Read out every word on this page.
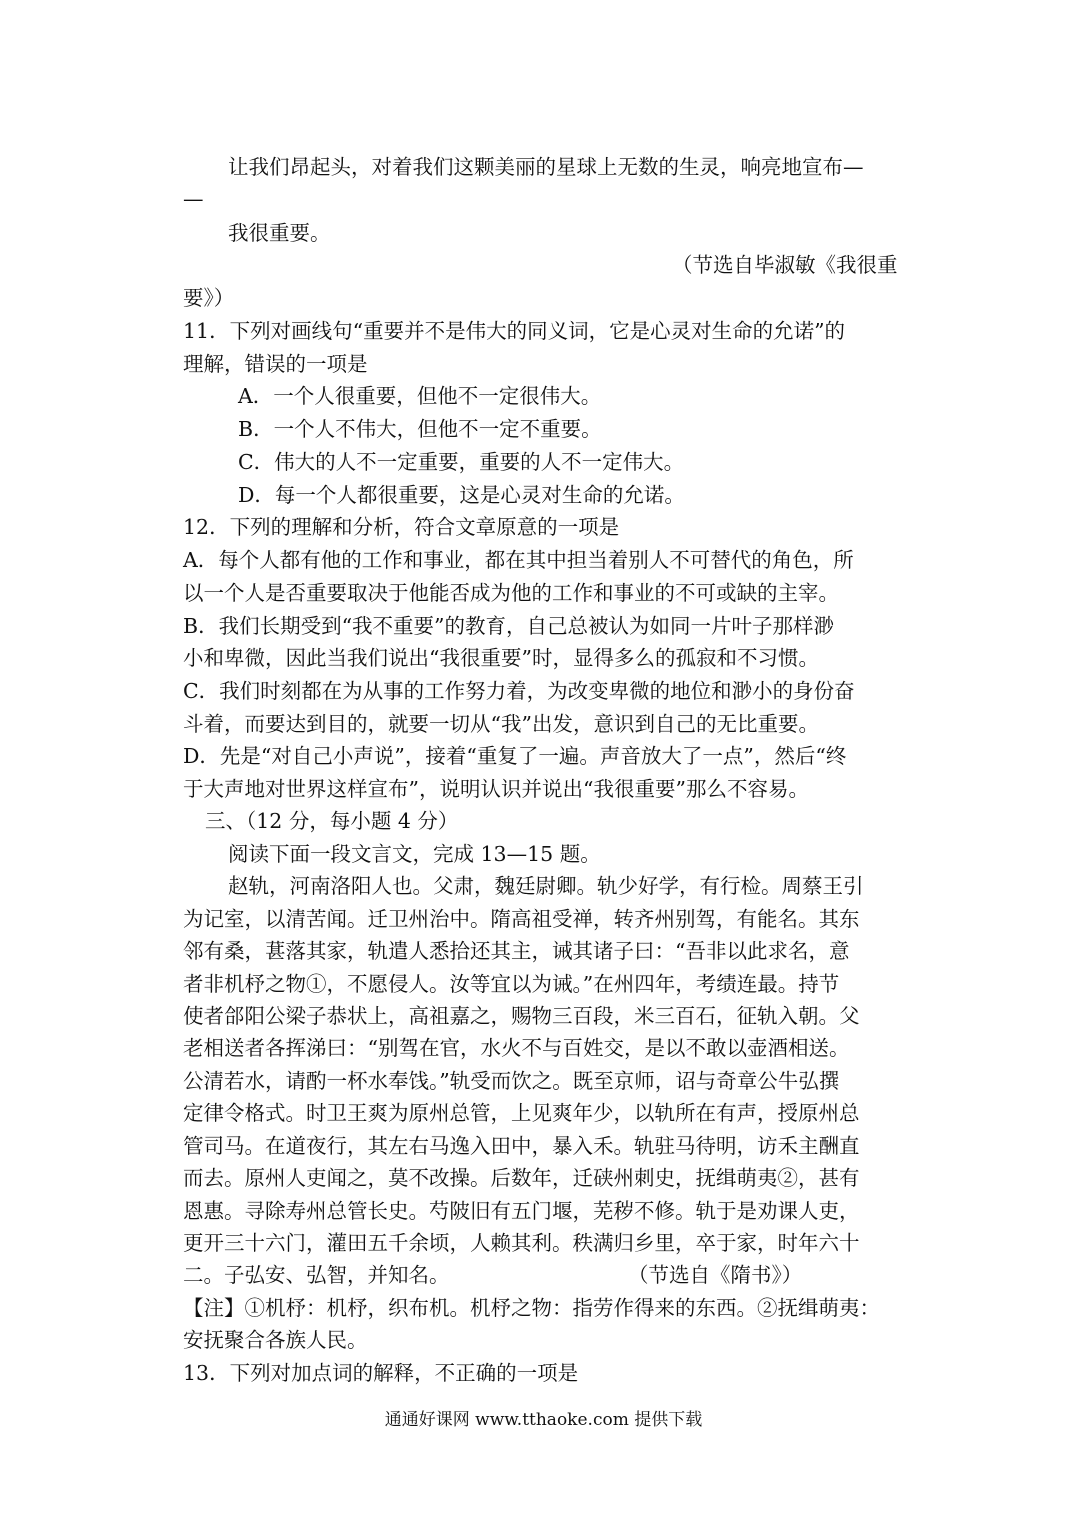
让我们昂起头，对着我们这颗美丽的星球上无数的生灵，响亮地宣布—
—
我很重要。
（节选自毕淑敏《我很重
要》）
11．下列对画线句“重要并不是伟大的同义词，它是心灵对生命的允诺”的
理解，错误的一项是
A．一个人很重要，但他不一定很伟大。
B．一个人不伟大，但他不一定不重要。
C．伟大的人不一定重要，重要的人不一定伟大。
D．每一个人都很重要，这是心灵对生命的允诺。
12．下列的理解和分析，符合文章原意的一项是
A．每个人都有他的工作和事业，都在其中担当着别人不可替代的角色，所
以一个人是否重要取决于他能否成为他的工作和事业的不可或缺的主宰。
B．我们长期受到“我不重要”的教育，自己总被认为如同一片叶子那样渺
小和卑微，因此当我们说出“我很重要”时，显得多么的孤寂和不习惯。
C．我们时刻都在为从事的工作努力着，为改变卑微的地位和渺小的身份奋
斗着，而要达到目的，就要一切从“我”出发，意识到自己的无比重要。
D．先是“对自己小声说”，接着“重复了一遍。声音放大了一点”，然后“终
于大声地对世界这样宣布”，说明认识并说出“我很重要”那么不容易。
三、（12 分，每小题 4 分）
阅读下面一段文言文，完成 13—15 题。
赵轨，河南洛阳人也。父肃，魏廷尉卿。轨少好学，有行检。周蔡王引
为记室，以清苦闻。迁卫州治中。隋高祖受禅，转齐州别驾，有能名。其东
邻有桑，葚落其家，轨遣人悉拾还其主，诫其诸子曰：“吾非以此求名，意
者非机杼之物①，不愿侵人。汝等宜以为诫。”在州四年，考绩连最。持节
使者郃阳公梁子恭状上，高祖嘉之，赐物三百段，米三百石，征轨入朝。父
老相送者各挥涕曰：“别驾在官，水火不与百姓交，是以不敢以壶酒相送。
公清若水，请酌一杯水奉饯。”轨受而饮之。既至京师，诏与奇章公牛弘撰
定律令格式。时卫王爽为原州总管，上见爽年少，以轨所在有声，授原州总
管司马。在道夜行，其左右马逸入田中，暴入禾。轨驻马待明，访禾主酬直
而去。原州人吏闻之，莫不改操。后数年，迁硖州刺史，抚缉萌夷②，甚有
恩惠。寻除寿州总管长史。芍陂旧有五门堰，芜秽不修。轨于是劝课人吏，
更开三十六门，灌田五千余顷，人赖其利。秩满归乡里，卒于家，时年六十
二。子弘安、弘智，并知名。	（节选自《隋书》）
【注】①机杼：机杼，织布机。机杼之物：指劳作得来的东西。②抚缉萌夷：
安抚聚合各族人民。
13．下列对加点词的解释，不正确的一项是
通通好课网 www.tthaoke.com 提供下载
